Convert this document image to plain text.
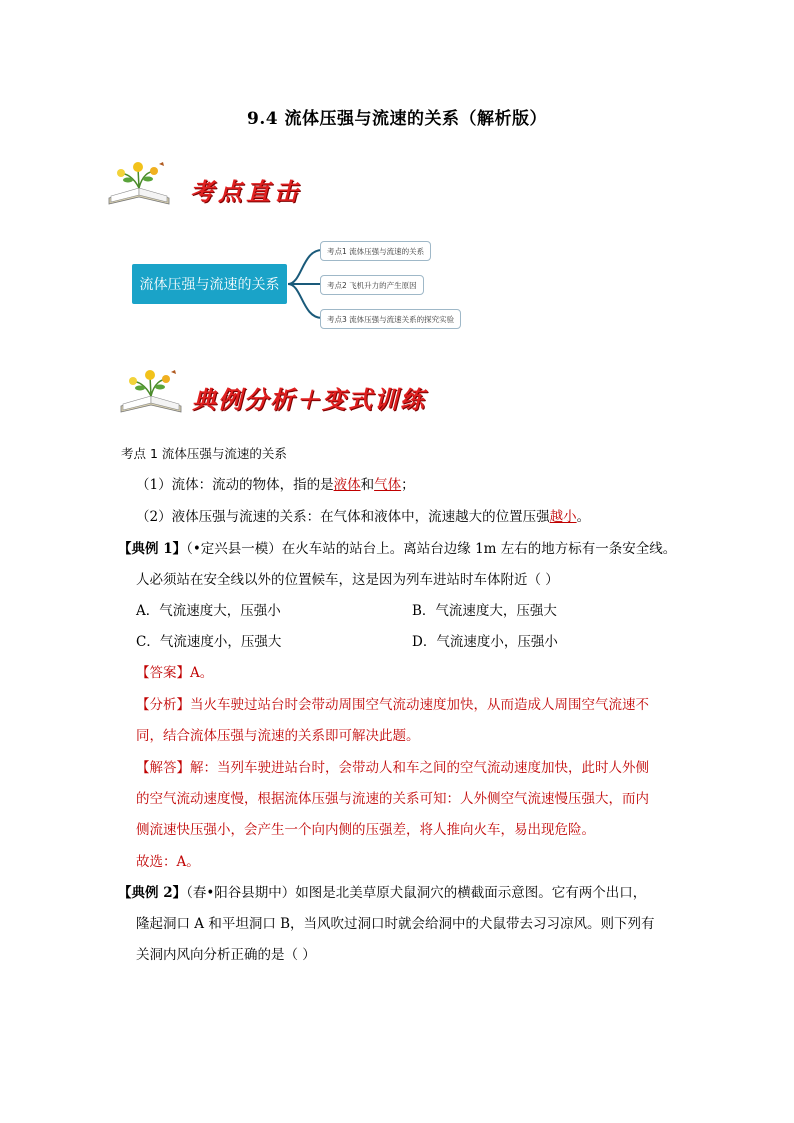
9.4 流体压强与流速的关系（解析版）
考点直击
流体压强与流速的关系
考点1 流体压强与流速的关系
考点2 飞机升力的产生原因
考点3 流体压强与流速关系的探究实验
典例分析＋变式训练
考点 1 流体压强与流速的关系
（1）流体：流动的物体，指的是液体和气体；
（2）液体压强与流速的关系：在气体和液体中，流速越大的位置压强越小。
【典例 1】（•定兴县一模）在火车站的站台上。离站台边缘 1m 左右的地方标有一条安全线。
人必须站在安全线以外的位置候车，这是因为列车进站时车体附近（ ）
A．气流速度大，压强小	B．气流速度大，压强大
C．气流速度小，压强大	D．气流速度小，压强小
【答案】A。
【分析】当火车驶过站台时会带动周围空气流动速度加快，从而造成人周围空气流速不
同，结合流体压强与流速的关系即可解决此题。
【解答】解：当列车驶进站台时，会带动人和车之间的空气流动速度加快，此时人外侧
的空气流动速度慢，根据流体压强与流速的关系可知：人外侧空气流速慢压强大，而内
侧流速快压强小，会产生一个向内侧的压强差，将人推向火车，易出现危险。
故选：A。
【典例 2】（春•阳谷县期中）如图是北美草原犬鼠洞穴的横截面示意图。它有两个出口，
隆起洞口 A 和平坦洞口 B，当风吹过洞口时就会给洞中的犬鼠带去习习凉风。则下列有
关洞内风向分析正确的是（ ）
